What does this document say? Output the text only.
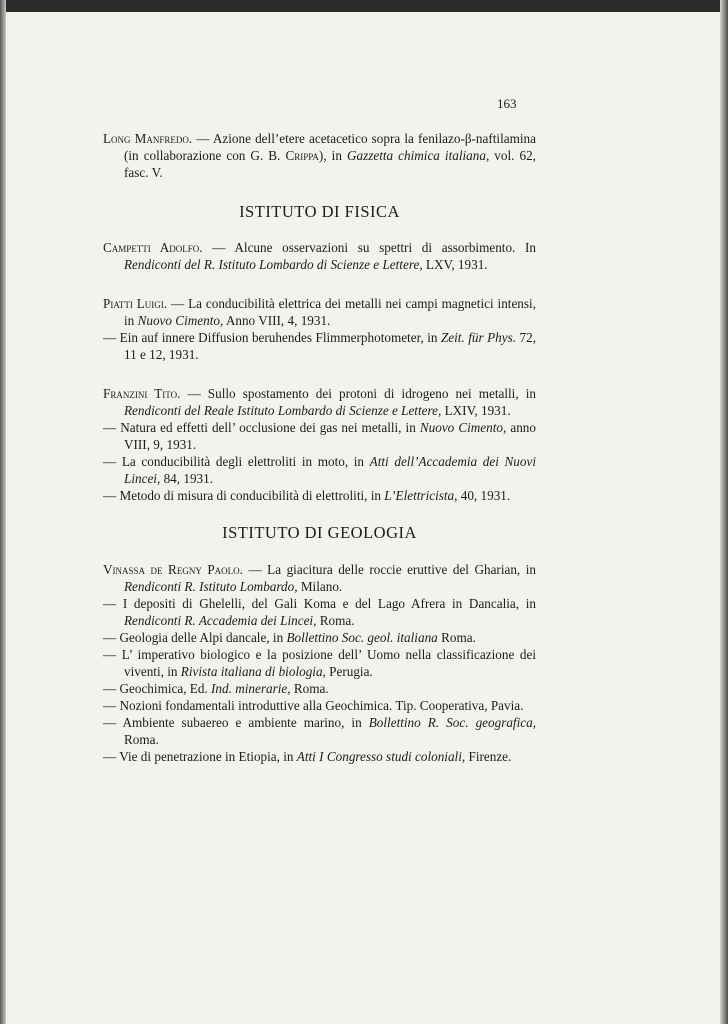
163

Long Manfredo. — Azione dell’etere acetacetico sopra la fenilazo-β-naftilamina (in collaborazione con G. B. Crippa), in Gazzetta chimica italiana, vol. 62, fasc. V.

ISTITUTO DI FISICA

Campetti Adolfo. — Alcune osservazioni su spettri di assorbimento. In Rendiconti del R. Istituto Lombardo di Scienze e Lettere, LXV, 1931.

Piatti Luigi. — La conducibilità elettrica dei metalli nei campi magnetici intensi, in Nuovo Cimento, Anno VIII, 4, 1931.

— Ein auf innere Diffusion beruhendes Flimmerphotometer, in Zeit. für Phys. 72, 11 e 12, 1931.

Franzini Tito. — Sullo spostamento dei protoni di idrogeno nei metalli, in Rendiconti del Reale Istituto Lombardo di Scienze e Lettere, LXIV, 1931.

— Natura ed effetti dell’ occlusione dei gas nei metalli, in Nuovo Cimento, anno VIII, 9, 1931.

— La conducibilità degli elettroliti in moto, in Atti dell’Accademia dei Nuovi Lincei, 84, 1931.

— Metodo di misura di conducibilità di elettroliti, in L’Elettricista, 40, 1931.

ISTITUTO DI GEOLOGIA

Vinassa de Regny Paolo. — La giacitura delle roccie eruttive del Gharian, in Rendiconti R. Istituto Lombardo, Milano.

— I depositi di Ghelelli, del Gali Koma e del Lago Afrera in Dancalia, in Rendiconti R. Accademia dei Lincei, Roma.

— Geologia delle Alpi dancale, in Bollettino Soc. geol. italiana Roma.

— L’ imperativo biologico e la posizione dell’ Uomo nella classificazione dei viventi, in Rivista italiana di biologia, Perugia.

— Geochimica, Ed. Ind. minerarie, Roma.

— Nozioni fondamentali introduttive alla Geochimica. Tip. Cooperativa, Pavia.

— Ambiente subaereo e ambiente marino, in Bollettino R. Soc. geografica, Roma.

— Vie di penetrazione in Etiopia, in Atti I Congresso studi coloniali, Firenze.
